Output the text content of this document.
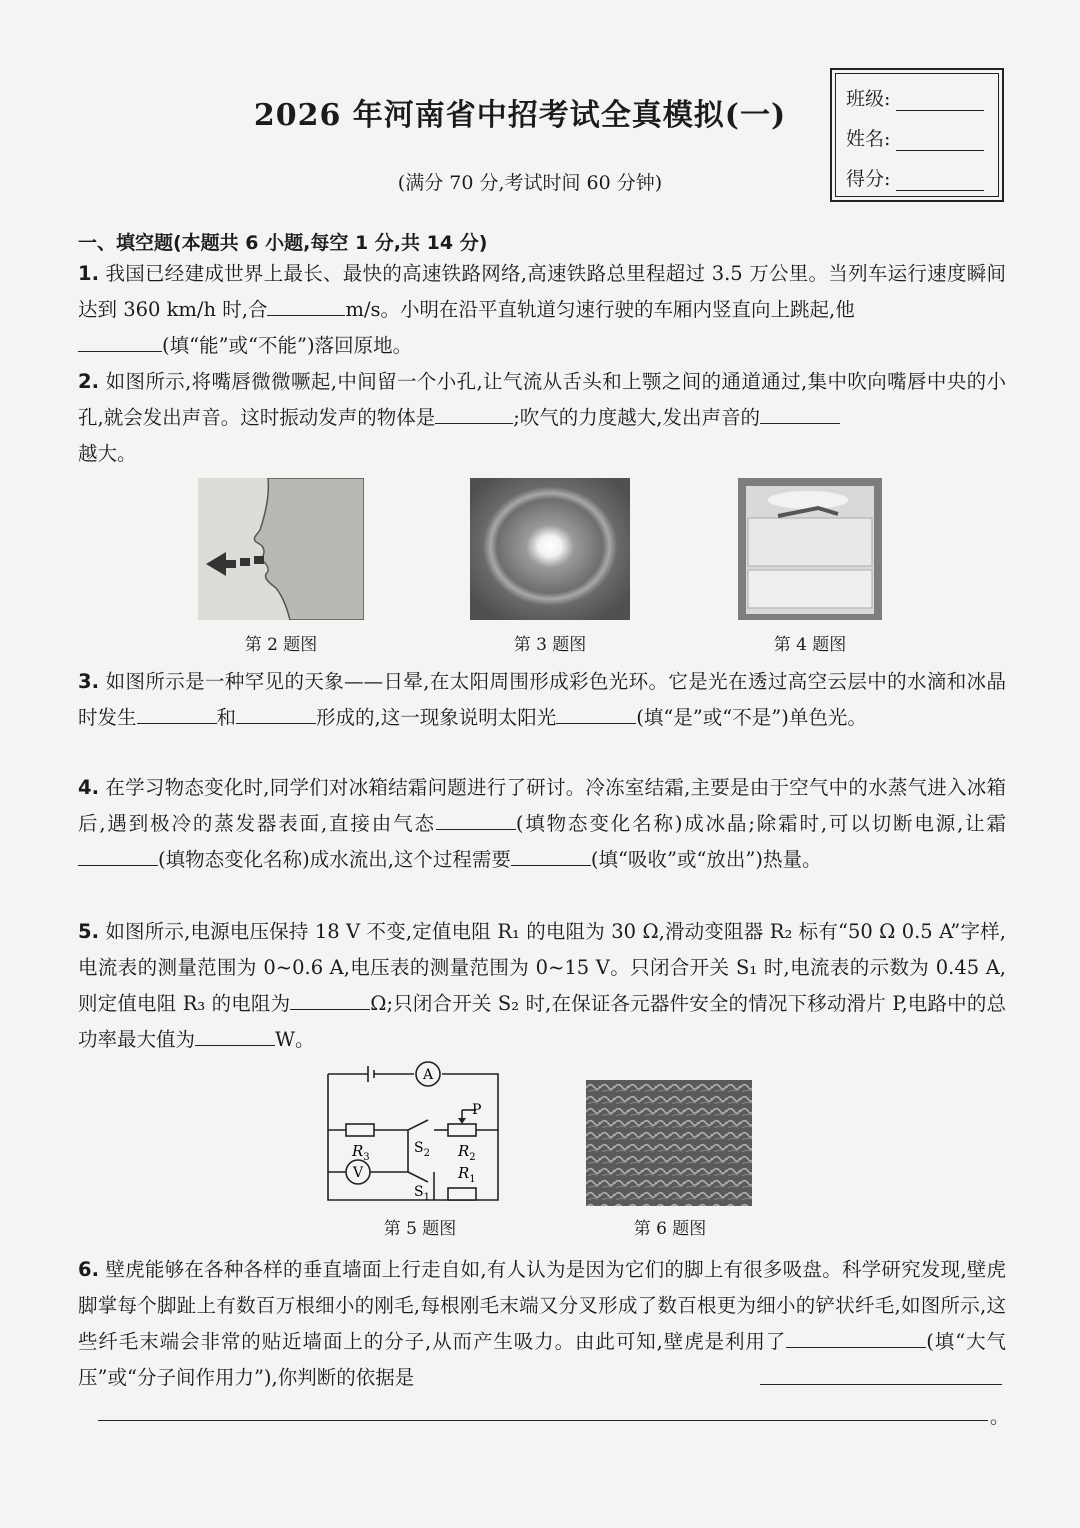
2026 年河南省中招考试全真模拟(一)
(满分 70 分,考试时间 60 分钟)
班级:
姓名:
得分:
一、填空题(本题共 6 小题,每空 1 分,共 14 分)
1. 我国已经建成世界上最长、最快的高速铁路网络,高速铁路总里程超过 3.5 万公里。当列车运行速度瞬间达到 360 km/h 时,合	m/s。小明在沿平直轨道匀速行驶的车厢内竖直向上跳起,他
(填“能”或“不能”)落回原地。
2. 如图所示,将嘴唇微微噘起,中间留一个小孔,让气流从舌头和上颚之间的通道通过,集中吹向嘴唇中央的小孔,就会发出声音。这时振动发声的物体是	;吹气的力度越大,发出声音的
越大。
第 2 题图	第 3 题图	第 4 题图
3. 如图所示是一种罕见的天象——日晕,在太阳周围形成彩色光环。它是光在透过高空云层中的水滴和冰晶时发生	和	形成的,这一现象说明太阳光	(填“是”或“不是”)单色光。
4. 在学习物态变化时,同学们对冰箱结霜问题进行了研讨。冷冻室结霜,主要是由于空气中的水蒸气进入冰箱后,遇到极冷的蒸发器表面,直接由气态	(填物态变化名称)成冰晶;除霜时,可以切断电源,让霜(填物态变化名称)成水流出,这个过程需要	(填“吸收”或“放出”)热量。
5. 如图所示,电源电压保持 18 V 不变,定值电阻 R₁ 的电阻为 30 Ω,滑动变阻器 R₂ 标有“50 Ω 0.5 A”字样,电流表的测量范围为 0~0.6 A,电压表的测量范围为 0~15 V。只闭合开关 S₁ 时,电流表的示数为 0.45 A,则定值电阻 R₃ 的电阻为	Ω;只闭合开关 S₂ 时,在保证各元器件安全的情况下移动滑片 P,电路中的总功率最大值为	W。
A
V
$R_3$	$R_2$
$R_1$
$S_2$
$S_1$
P
第 5 题图	第 6 题图
6. 壁虎能够在各种各样的垂直墙面上行走自如,有人认为是因为它们的脚上有很多吸盘。科学研究发现,壁虎脚掌每个脚趾上有数百万根细小的刚毛,每根刚毛末端又分叉形成了数百根更为细小的铲状纤毛,如图所示,这些纤毛末端会非常的贴近墙面上的分子,从而产生吸力。由此可知,壁虎是利用了	(填“大气压”或“分子间作用力”),你判断的依据是
。
